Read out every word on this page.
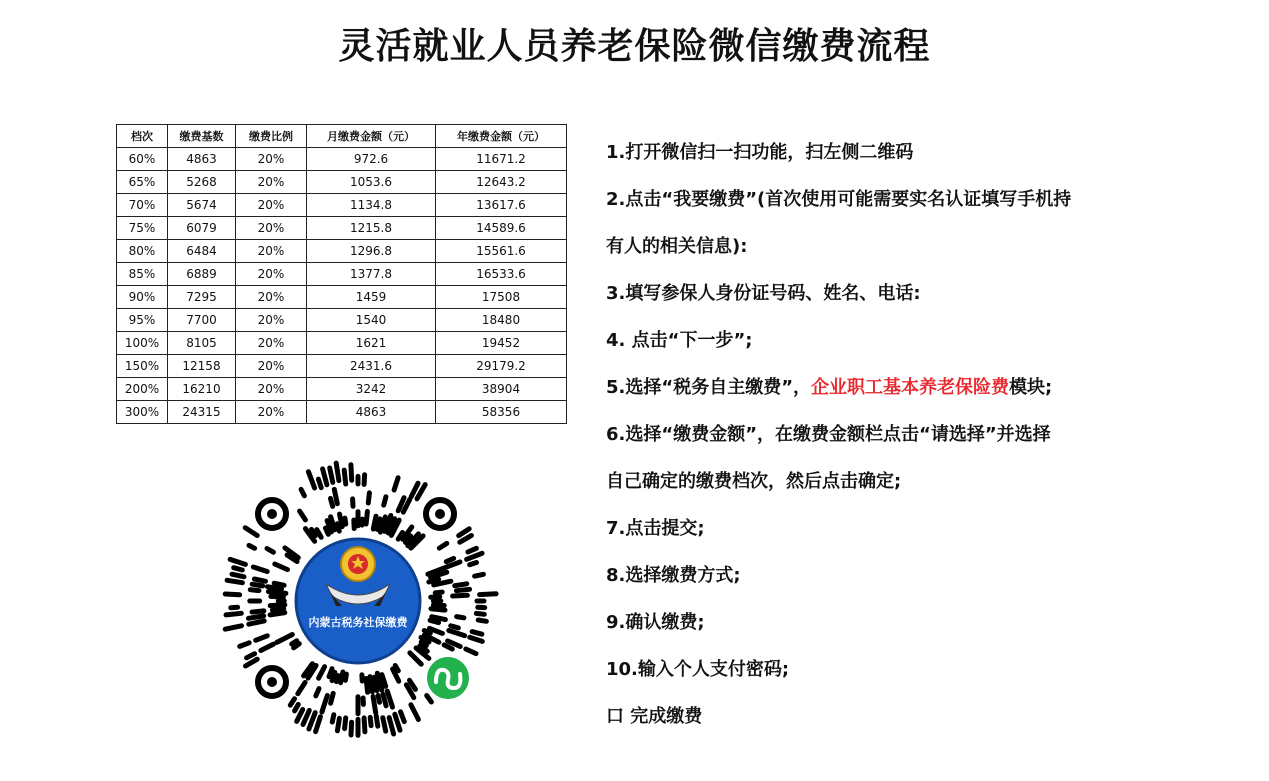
灵活就业人员养老保险微信缴费流程
档次	缴费基数	缴费比例	月缴费金额（元）	年缴费金额（元）
60%	4863	20%	972.6	11671.2
65%	5268	20%	1053.6	12643.2
70%	5674	20%	1134.8	13617.6
75%	6079	20%	1215.8	14589.6
80%	6484	20%	1296.8	15561.6
85%	6889	20%	1377.8	16533.6
90%	7295	20%	1459	17508
95%	7700	20%	1540	18480
100%	8105	20%	1621	19452
150%	12158	20%	2431.6	29179.2
200%	16210	20%	3242	38904
300%	24315	20%	4863	58356
1.打开微信扫一扫功能，扫左侧二维码
2.点击“我要缴费”(首次使用可能需要实名认证填写手机持
有人的相关信息):
3.填写参保人身份证号码、姓名、电话:
4. 点击“下一步”;
5.选择“税务自主缴费”，企业职工基本养老保险费模块;
6.选择“缴费金额”，在缴费金额栏点击“请选择”并选择
自己确定的缴费档次，然后点击确定;
7.点击提交;
8.选择缴费方式;
9.确认缴费;
10.输入个人支付密码;
口 完成缴费
内蒙古税务社保缴费
